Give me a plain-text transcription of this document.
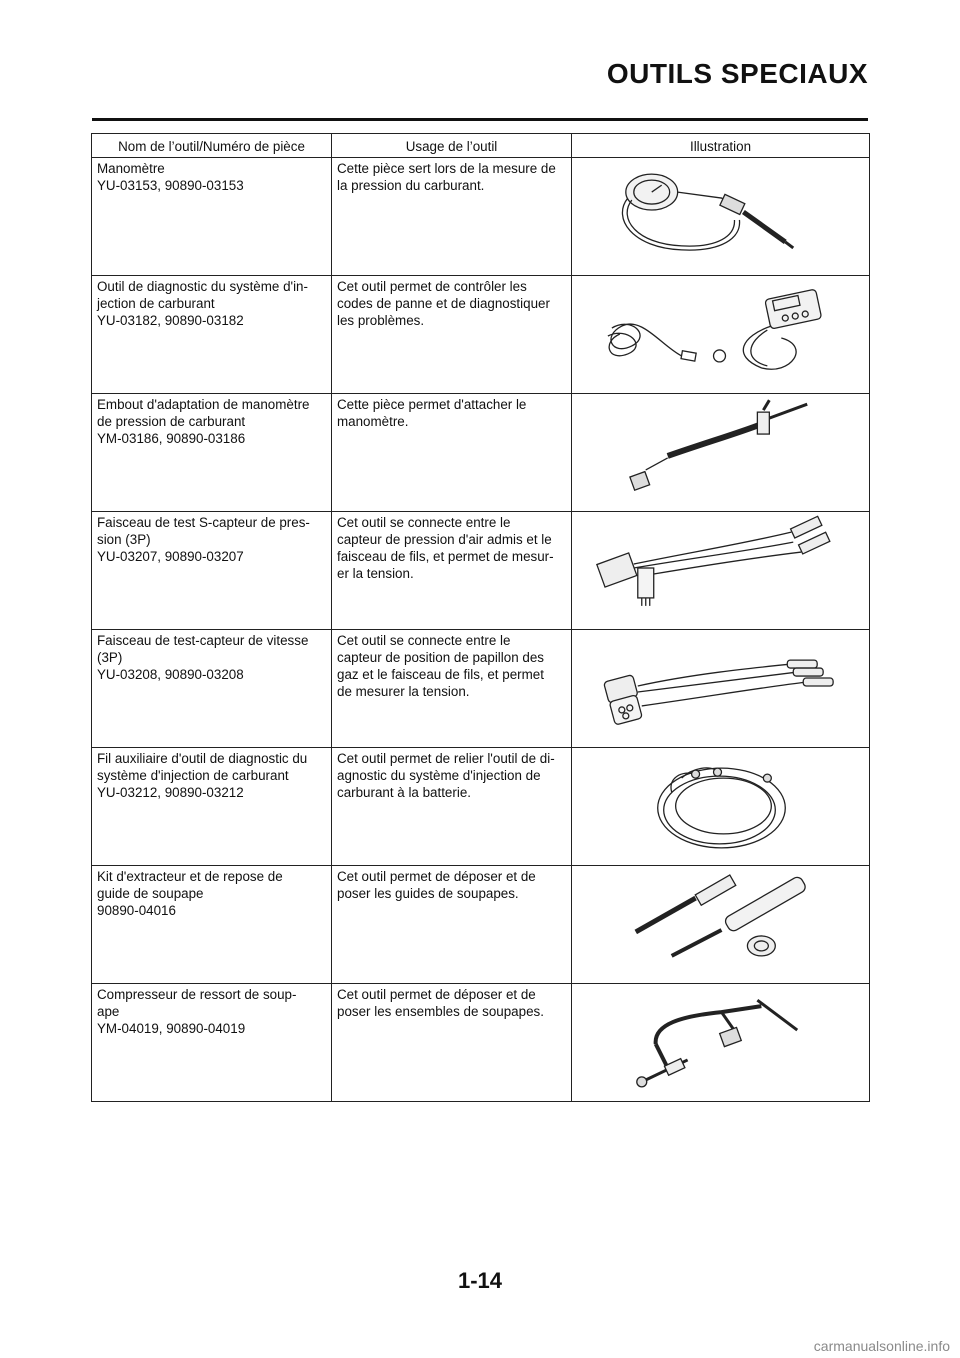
OUTILS SPECIAUX
Nom de l’outil/Numéro de pièce	Usage de l’outil	Illustration
Manomètre
YU-03153, 90890-03153	Cette pièce sert lors de la mesure de
la pression du carburant.	

Outil de diagnostic du système d'in-
jection de carburant
YU-03182, 90890-03182	Cet outil permet de contrôler les
codes de panne et de diagnostiquer
les problèmes.	

Embout d'adaptation de manomètre
de pression de carburant
YM-03186, 90890-03186	Cette pièce permet d'attacher le
manomètre.	

Faisceau de test S-capteur de pres-
sion (3P)
YU-03207, 90890-03207	Cet outil se connecte entre le
capteur de pression d'air admis et le
faisceau de fils, et permet de mesur-
er la tension.	

Faisceau de test-capteur de vitesse
(3P)
YU-03208, 90890-03208	Cet outil se connecte entre le
capteur de position de papillon des
gaz et le faisceau de fils, et permet
de mesurer la tension.	

Fil auxiliaire d'outil de diagnostic du
système d'injection de carburant
YU-03212, 90890-03212	Cet outil permet de relier l'outil de di-
agnostic du système d'injection de
carburant à la batterie.	

Kit d'extracteur et de repose de
guide de soupape
90890-04016	Cet outil permet de déposer et de
poser les guides de soupapes.	

Compresseur de ressort de soup-
ape
YM-04019, 90890-04019	Cet outil permet de déposer et de
poser les ensembles de soupapes.	
1-14
carmanualsonline.info
